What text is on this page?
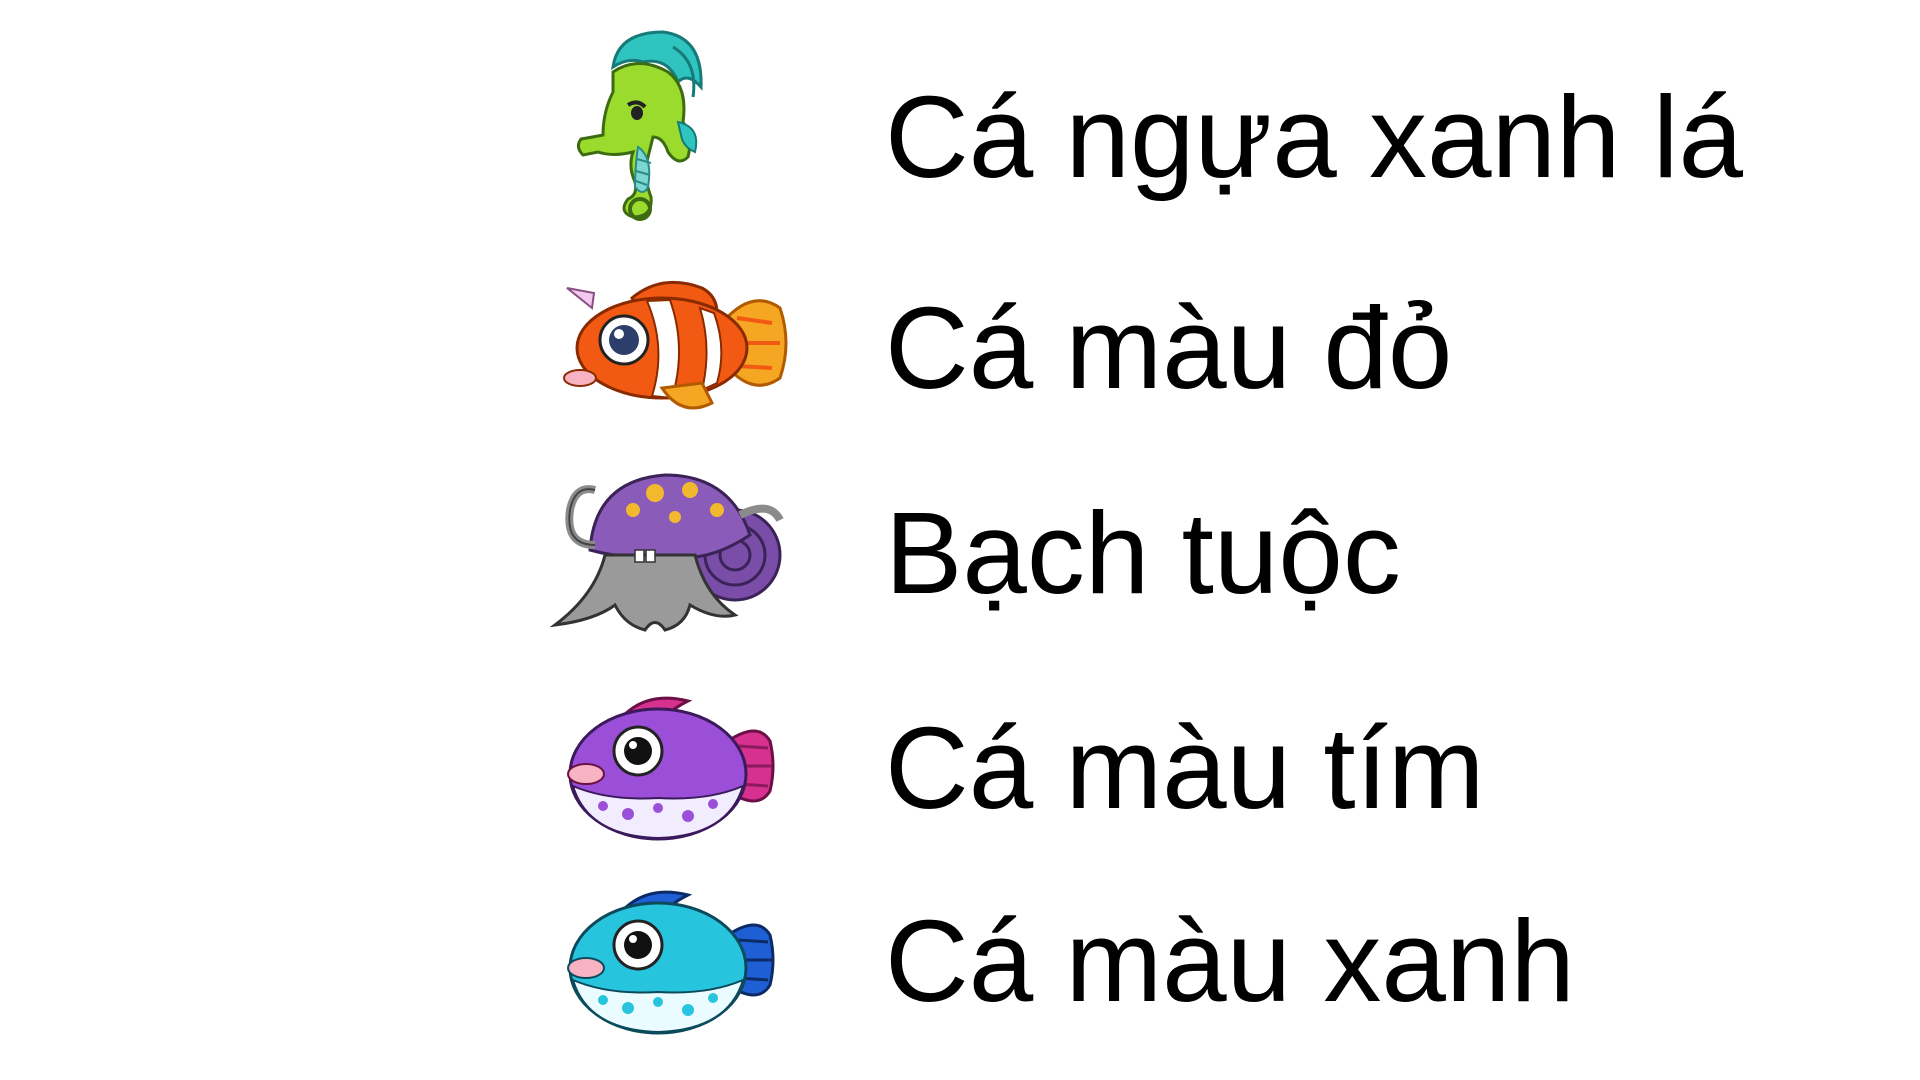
Cá ngựa xanh lá
Cá màu đỏ
Bạch tuộc
Cá màu tím
Cá màu xanh
